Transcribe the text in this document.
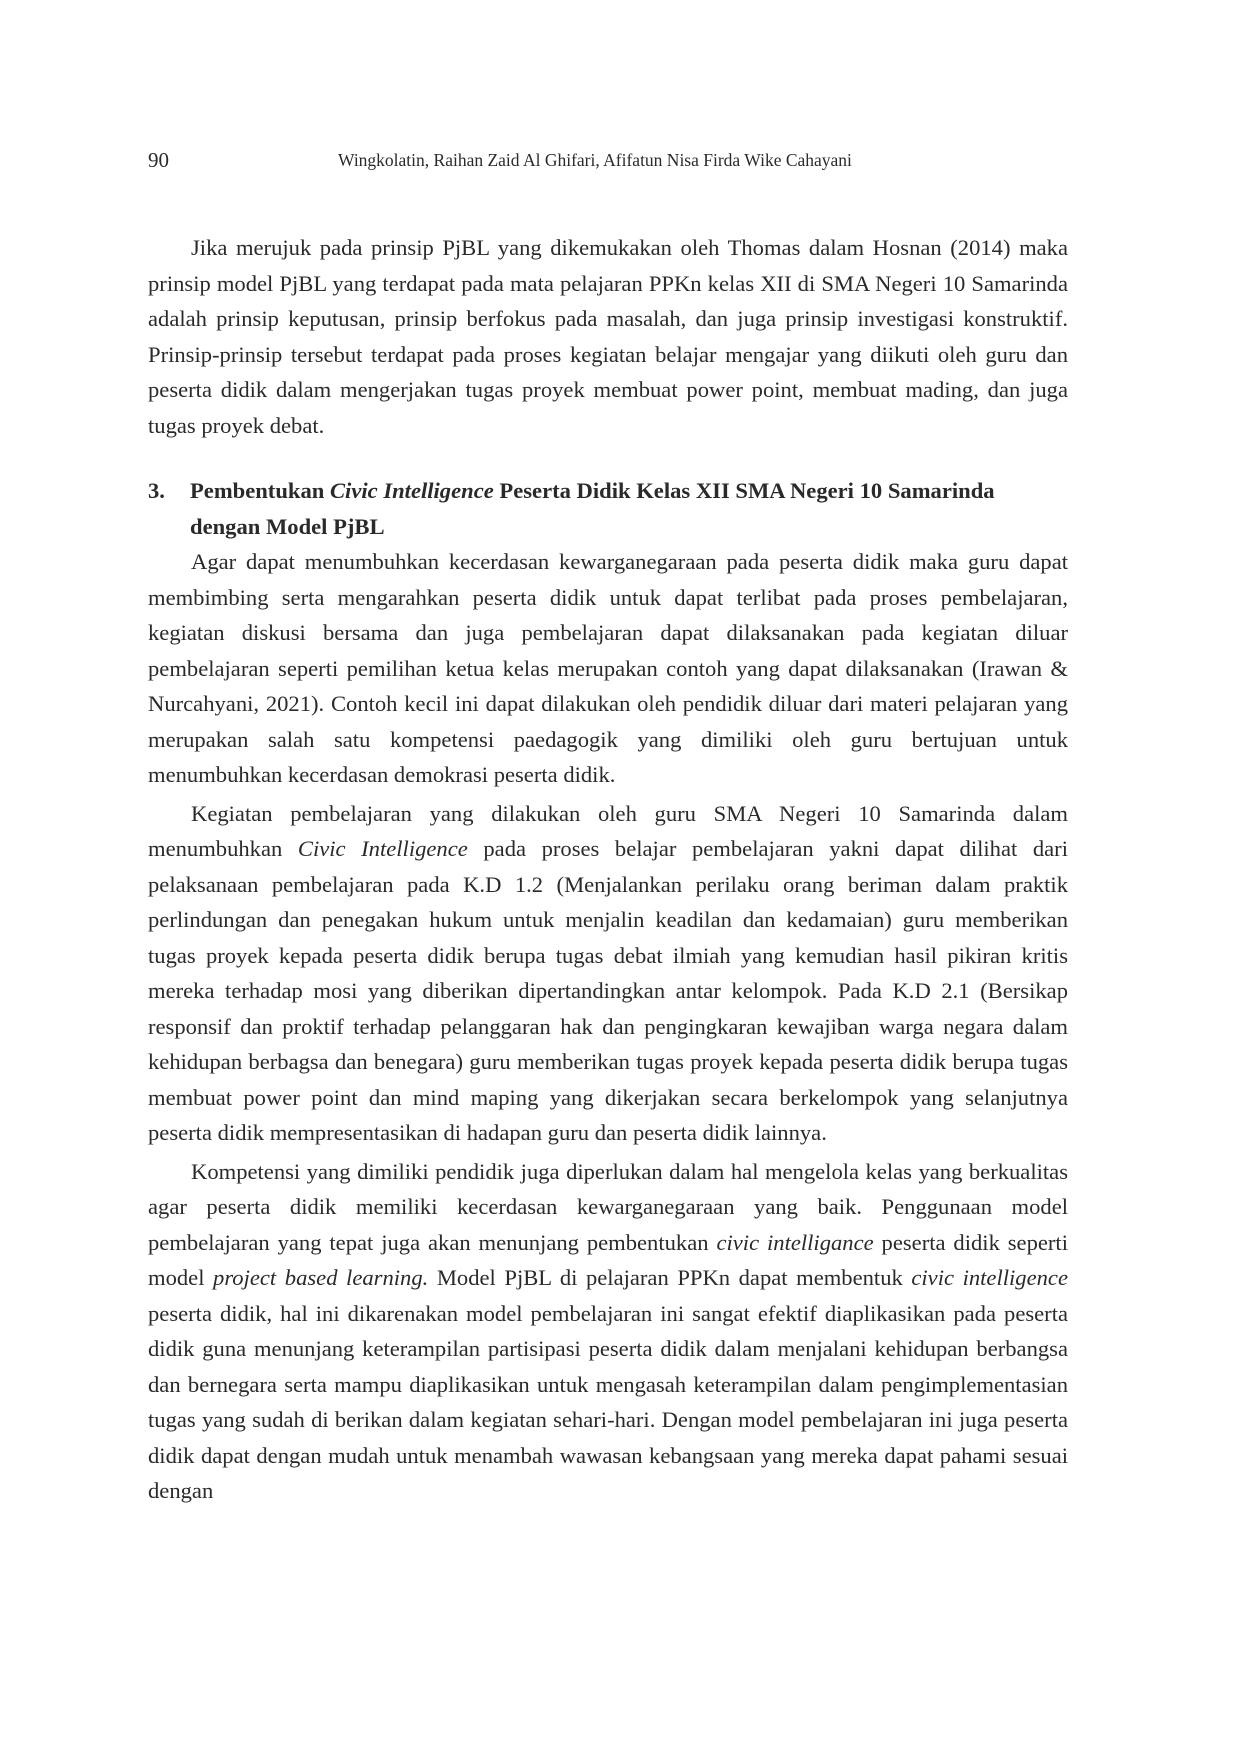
90	Wingkolatin, Raihan Zaid Al Ghifari, Afifatun Nisa Firda Wike Cahayani

Jika merujuk pada prinsip PjBL yang dikemukakan oleh Thomas dalam Hosnan (2014) maka prinsip model PjBL yang terdapat pada mata pelajaran PPKn kelas XII di SMA Negeri 10 Samarinda adalah prinsip keputusan, prinsip berfokus pada masalah, dan juga prinsip investigasi konstruktif. Prinsip-prinsip tersebut terdapat pada proses kegiatan belajar mengajar yang diikuti oleh guru dan peserta didik dalam mengerjakan tugas proyek membuat power point, membuat mading, dan juga tugas proyek debat.

3.	Pembentukan Civic Intelligence Peserta Didik Kelas XII SMA Negeri 10 Samarinda dengan Model PjBL

Agar dapat menumbuhkan kecerdasan kewarganegaraan pada peserta didik maka guru dapat membimbing serta mengarahkan peserta didik untuk dapat terlibat pada proses pembelajaran, kegiatan diskusi bersama dan juga pembelajaran dapat dilaksanakan pada kegiatan diluar pembelajaran seperti pemilihan ketua kelas merupakan contoh yang dapat dilaksanakan (Irawan & Nurcahyani, 2021). Contoh kecil ini dapat dilakukan oleh pendidik diluar dari materi pelajaran yang merupakan salah satu kompetensi paedagogik yang dimiliki oleh guru bertujuan untuk menumbuhkan kecerdasan demokrasi peserta didik.

Kegiatan pembelajaran yang dilakukan oleh guru SMA Negeri 10 Samarinda dalam menumbuhkan Civic Intelligence pada proses belajar pembelajaran yakni dapat dilihat dari pelaksanaan pembelajaran pada K.D 1.2 (Menjalankan perilaku orang beriman dalam praktik perlindungan dan penegakan hukum untuk menjalin keadilan dan kedamaian) guru memberikan tugas proyek kepada peserta didik berupa tugas debat ilmiah yang kemudian hasil pikiran kritis mereka terhadap mosi yang diberikan dipertandingkan antar kelompok. Pada K.D 2.1 (Bersikap responsif dan proktif terhadap pelanggaran hak dan pengingkaran kewajiban warga negara dalam kehidupan berbagsa dan benegara) guru memberikan tugas proyek kepada peserta didik berupa tugas membuat power point dan mind maping yang dikerjakan secara berkelompok yang selanjutnya peserta didik mempresentasikan di hadapan guru dan peserta didik lainnya.

Kompetensi yang dimiliki pendidik juga diperlukan dalam hal mengelola kelas yang berkualitas agar peserta didik memiliki kecerdasan kewarganegaraan yang baik. Penggunaan model pembelajaran yang tepat juga akan menunjang pembentukan civic intelligance peserta didik seperti model project based learning. Model PjBL di pelajaran PPKn dapat membentuk civic intelligence peserta didik, hal ini dikarenakan model pembelajaran ini sangat efektif diaplikasikan pada peserta didik guna menunjang keterampilan partisipasi peserta didik dalam menjalani kehidupan berbangsa dan bernegara serta mampu diaplikasikan untuk mengasah keterampilan dalam pengimplementasian tugas yang sudah di berikan dalam kegiatan sehari-hari. Dengan model pembelajaran ini juga peserta didik dapat dengan mudah untuk menambah wawasan kebangsaan yang mereka dapat pahami sesuai dengan
